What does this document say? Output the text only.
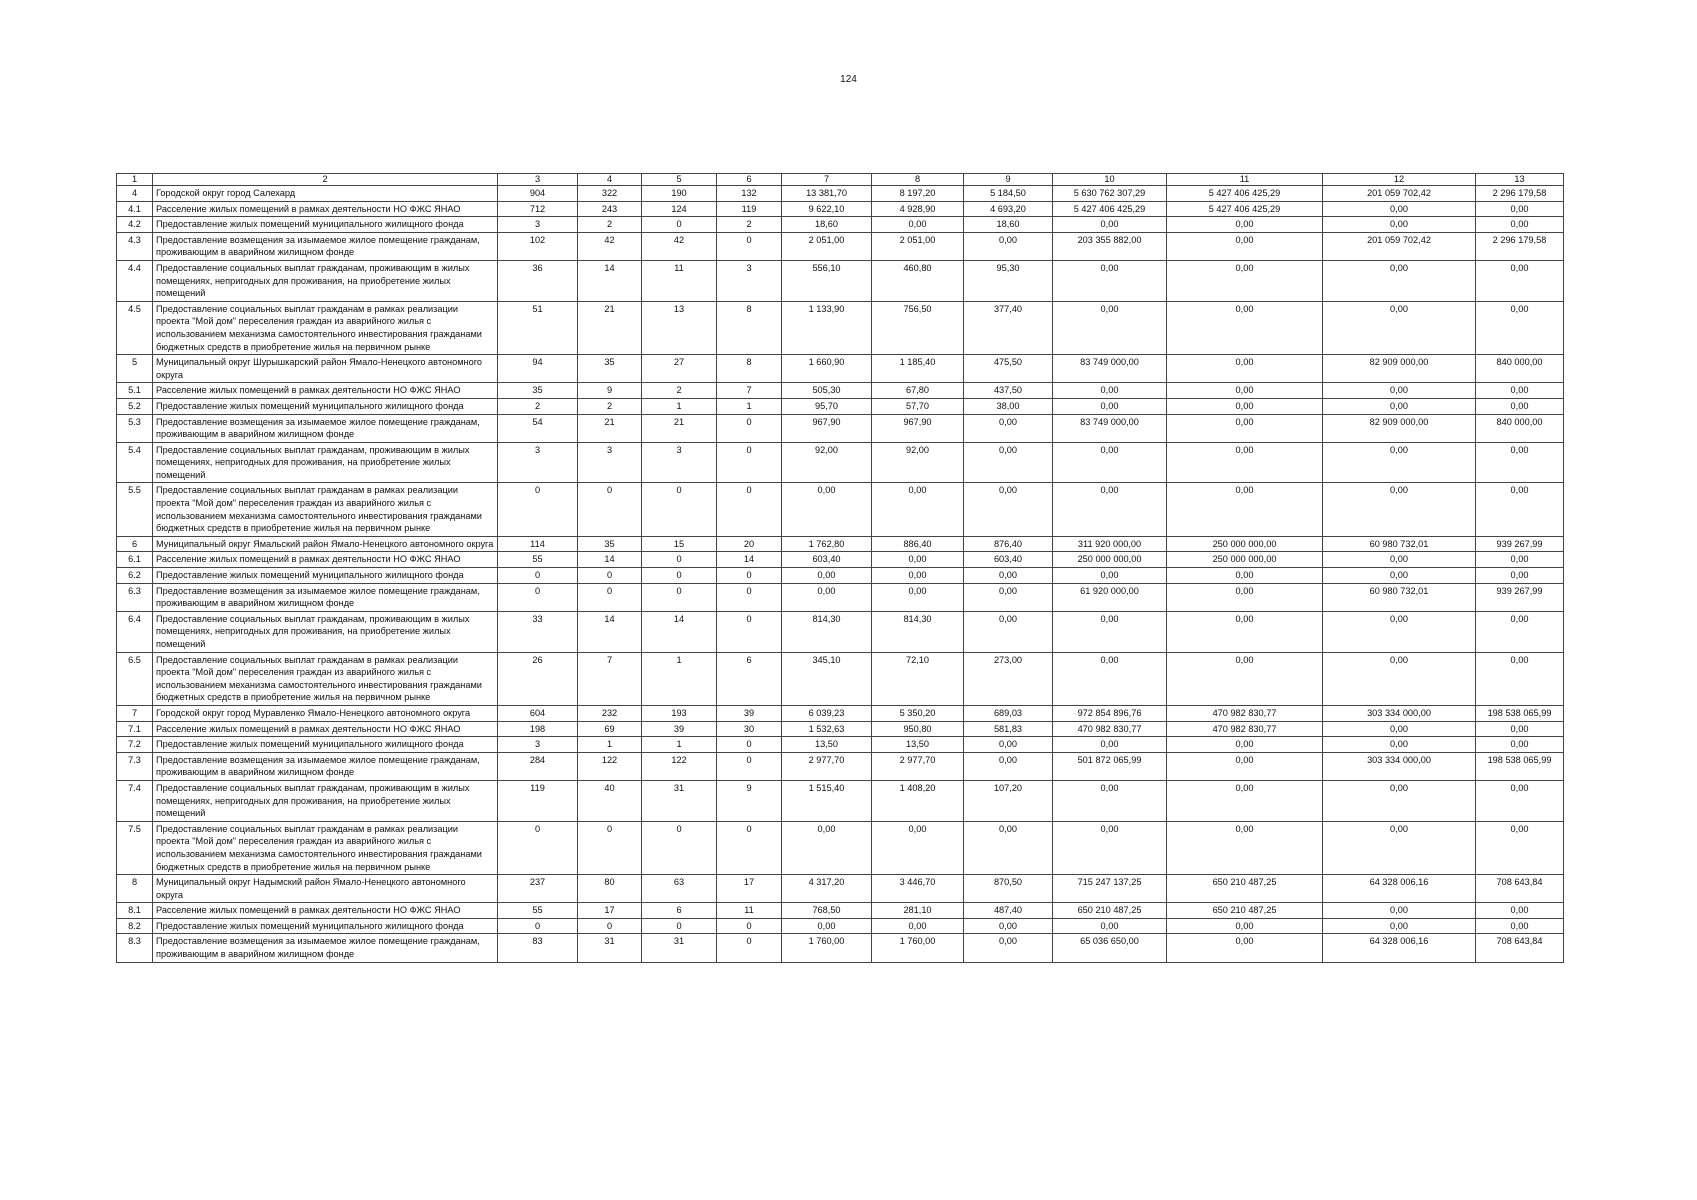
124
1	2	3	4	5	6	7	8	9	10	11	12	13
4	Городской округ город Салехард	904	322	190	132	13 381,70	8 197,20	5 184,50	5 630 762 307,29	5 427 406 425,29	201 059 702,42	2 296 179,58
4.1	Расселение жилых помещений в рамках деятельности НО ФЖС ЯНАО	712	243	124	119	9 622,10	4 928,90	4 693,20	5 427 406 425,29	5 427 406 425,29	0,00	0,00
4.2	Предоставление жилых помещений муниципального жилищного фонда	3	2	0	2	18,60	0,00	18,60	0,00	0,00	0,00	0,00
4.3	Предоставление возмещения за изымаемое жилое помещение гражданам, проживающим в аварийном жилищном фонде	102	42	42	0	2 051,00	2 051,00	0,00	203 355 882,00	0,00	201 059 702,42	2 296 179,58
4.4	Предоставление социальных выплат гражданам, проживающим в жилых помещениях, непригодных для проживания, на приобретение жилых помещений	36	14	11	3	556,10	460,80	95,30	0,00	0,00	0,00	0,00
4.5	Предоставление социальных выплат гражданам в рамках реализации проекта "Мой дом" переселения граждан из аварийного жилья с использованием механизма самостоятельного инвестирования гражданами бюджетных средств в приобретение жилья на первичном рынке	51	21	13	8	1 133,90	756,50	377,40	0,00	0,00	0,00	0,00
5	Муниципальный округ Шурышкарский район Ямало-Ненецкого автономного округа	94	35	27	8	1 660,90	1 185,40	475,50	83 749 000,00	0,00	82 909 000,00	840 000,00
5.1	Расселение жилых помещений в рамках деятельности НО ФЖС ЯНАО	35	9	2	7	505,30	67,80	437,50	0,00	0,00	0,00	0,00
5.2	Предоставление жилых помещений муниципального жилищного фонда	2	2	1	1	95,70	57,70	38,00	0,00	0,00	0,00	0,00
5.3	Предоставление возмещения за изымаемое жилое помещение гражданам, проживающим в аварийном жилищном фонде	54	21	21	0	967,90	967,90	0,00	83 749 000,00	0,00	82 909 000,00	840 000,00
5.4	Предоставление социальных выплат гражданам, проживающим в жилых помещениях, непригодных для проживания, на приобретение жилых помещений	3	3	3	0	92,00	92,00	0,00	0,00	0,00	0,00	0,00
5.5	Предоставление социальных выплат гражданам в рамках реализации проекта "Мой дом" переселения граждан из аварийного жилья с использованием механизма самостоятельного инвестирования гражданами бюджетных средств в приобретение жилья на первичном рынке	0	0	0	0	0,00	0,00	0,00	0,00	0,00	0,00	0,00
6	Муниципальный округ Ямальский район Ямало-Ненецкого автономного округа	114	35	15	20	1 762,80	886,40	876,40	311 920 000,00	250 000 000,00	60 980 732,01	939 267,99
6.1	Расселение жилых помещений в рамках деятельности НО ФЖС ЯНАО	55	14	0	14	603,40	0,00	603,40	250 000 000,00	250 000 000,00	0,00	0,00
6.2	Предоставление жилых помещений муниципального жилищного фонда	0	0	0	0	0,00	0,00	0,00	0,00	0,00	0,00	0,00
6.3	Предоставление возмещения за изымаемое жилое помещение гражданам, проживающим в аварийном жилищном фонде	0	0	0	0	0,00	0,00	0,00	61 920 000,00	0,00	60 980 732,01	939 267,99
6.4	Предоставление социальных выплат гражданам, проживающим в жилых помещениях, непригодных для проживания, на приобретение жилых помещений	33	14	14	0	814,30	814,30	0,00	0,00	0,00	0,00	0,00
6.5	Предоставление социальных выплат гражданам в рамках реализации проекта "Мой дом" переселения граждан из аварийного жилья с использованием механизма самостоятельного инвестирования гражданами бюджетных средств в приобретение жилья на первичном рынке	26	7	1	6	345,10	72,10	273,00	0,00	0,00	0,00	0,00
7	Городской округ город Муравленко Ямало-Ненецкого автономного округа	604	232	193	39	6 039,23	5 350,20	689,03	972 854 896,76	470 982 830,77	303 334 000,00	198 538 065,99
7.1	Расселение жилых помещений в рамках деятельности НО ФЖС ЯНАО	198	69	39	30	1 532,63	950,80	581,83	470 982 830,77	470 982 830,77	0,00	0,00
7.2	Предоставление жилых помещений муниципального жилищного фонда	3	1	1	0	13,50	13,50	0,00	0,00	0,00	0,00	0,00
7.3	Предоставление возмещения за изымаемое жилое помещение гражданам, проживающим в аварийном жилищном фонде	284	122	122	0	2 977,70	2 977,70	0,00	501 872 065,99	0,00	303 334 000,00	198 538 065,99
7.4	Предоставление социальных выплат гражданам, проживающим в жилых помещениях, непригодных для проживания, на приобретение жилых помещений	119	40	31	9	1 515,40	1 408,20	107,20	0,00	0,00	0,00	0,00
7.5	Предоставление социальных выплат гражданам в рамках реализации проекта "Мой дом" переселения граждан из аварийного жилья с использованием механизма самостоятельного инвестирования гражданами бюджетных средств в приобретение жилья на первичном рынке	0	0	0	0	0,00	0,00	0,00	0,00	0,00	0,00	0,00
8	Муниципальный округ Надымский район Ямало-Ненецкого автономного округа	237	80	63	17	4 317,20	3 446,70	870,50	715 247 137,25	650 210 487,25	64 328 006,16	708 643,84
8.1	Расселение жилых помещений в рамках деятельности НО ФЖС ЯНАО	55	17	6	11	768,50	281,10	487,40	650 210 487,25	650 210 487,25	0,00	0,00
8.2	Предоставление жилых помещений муниципального жилищного фонда	0	0	0	0	0,00	0,00	0,00	0,00	0,00	0,00	0,00
8.3	Предоставление возмещения за изымаемое жилое помещение гражданам, проживающим в аварийном жилищном фонде	83	31	31	0	1 760,00	1 760,00	0,00	65 036 650,00	0,00	64 328 006,16	708 643,84
